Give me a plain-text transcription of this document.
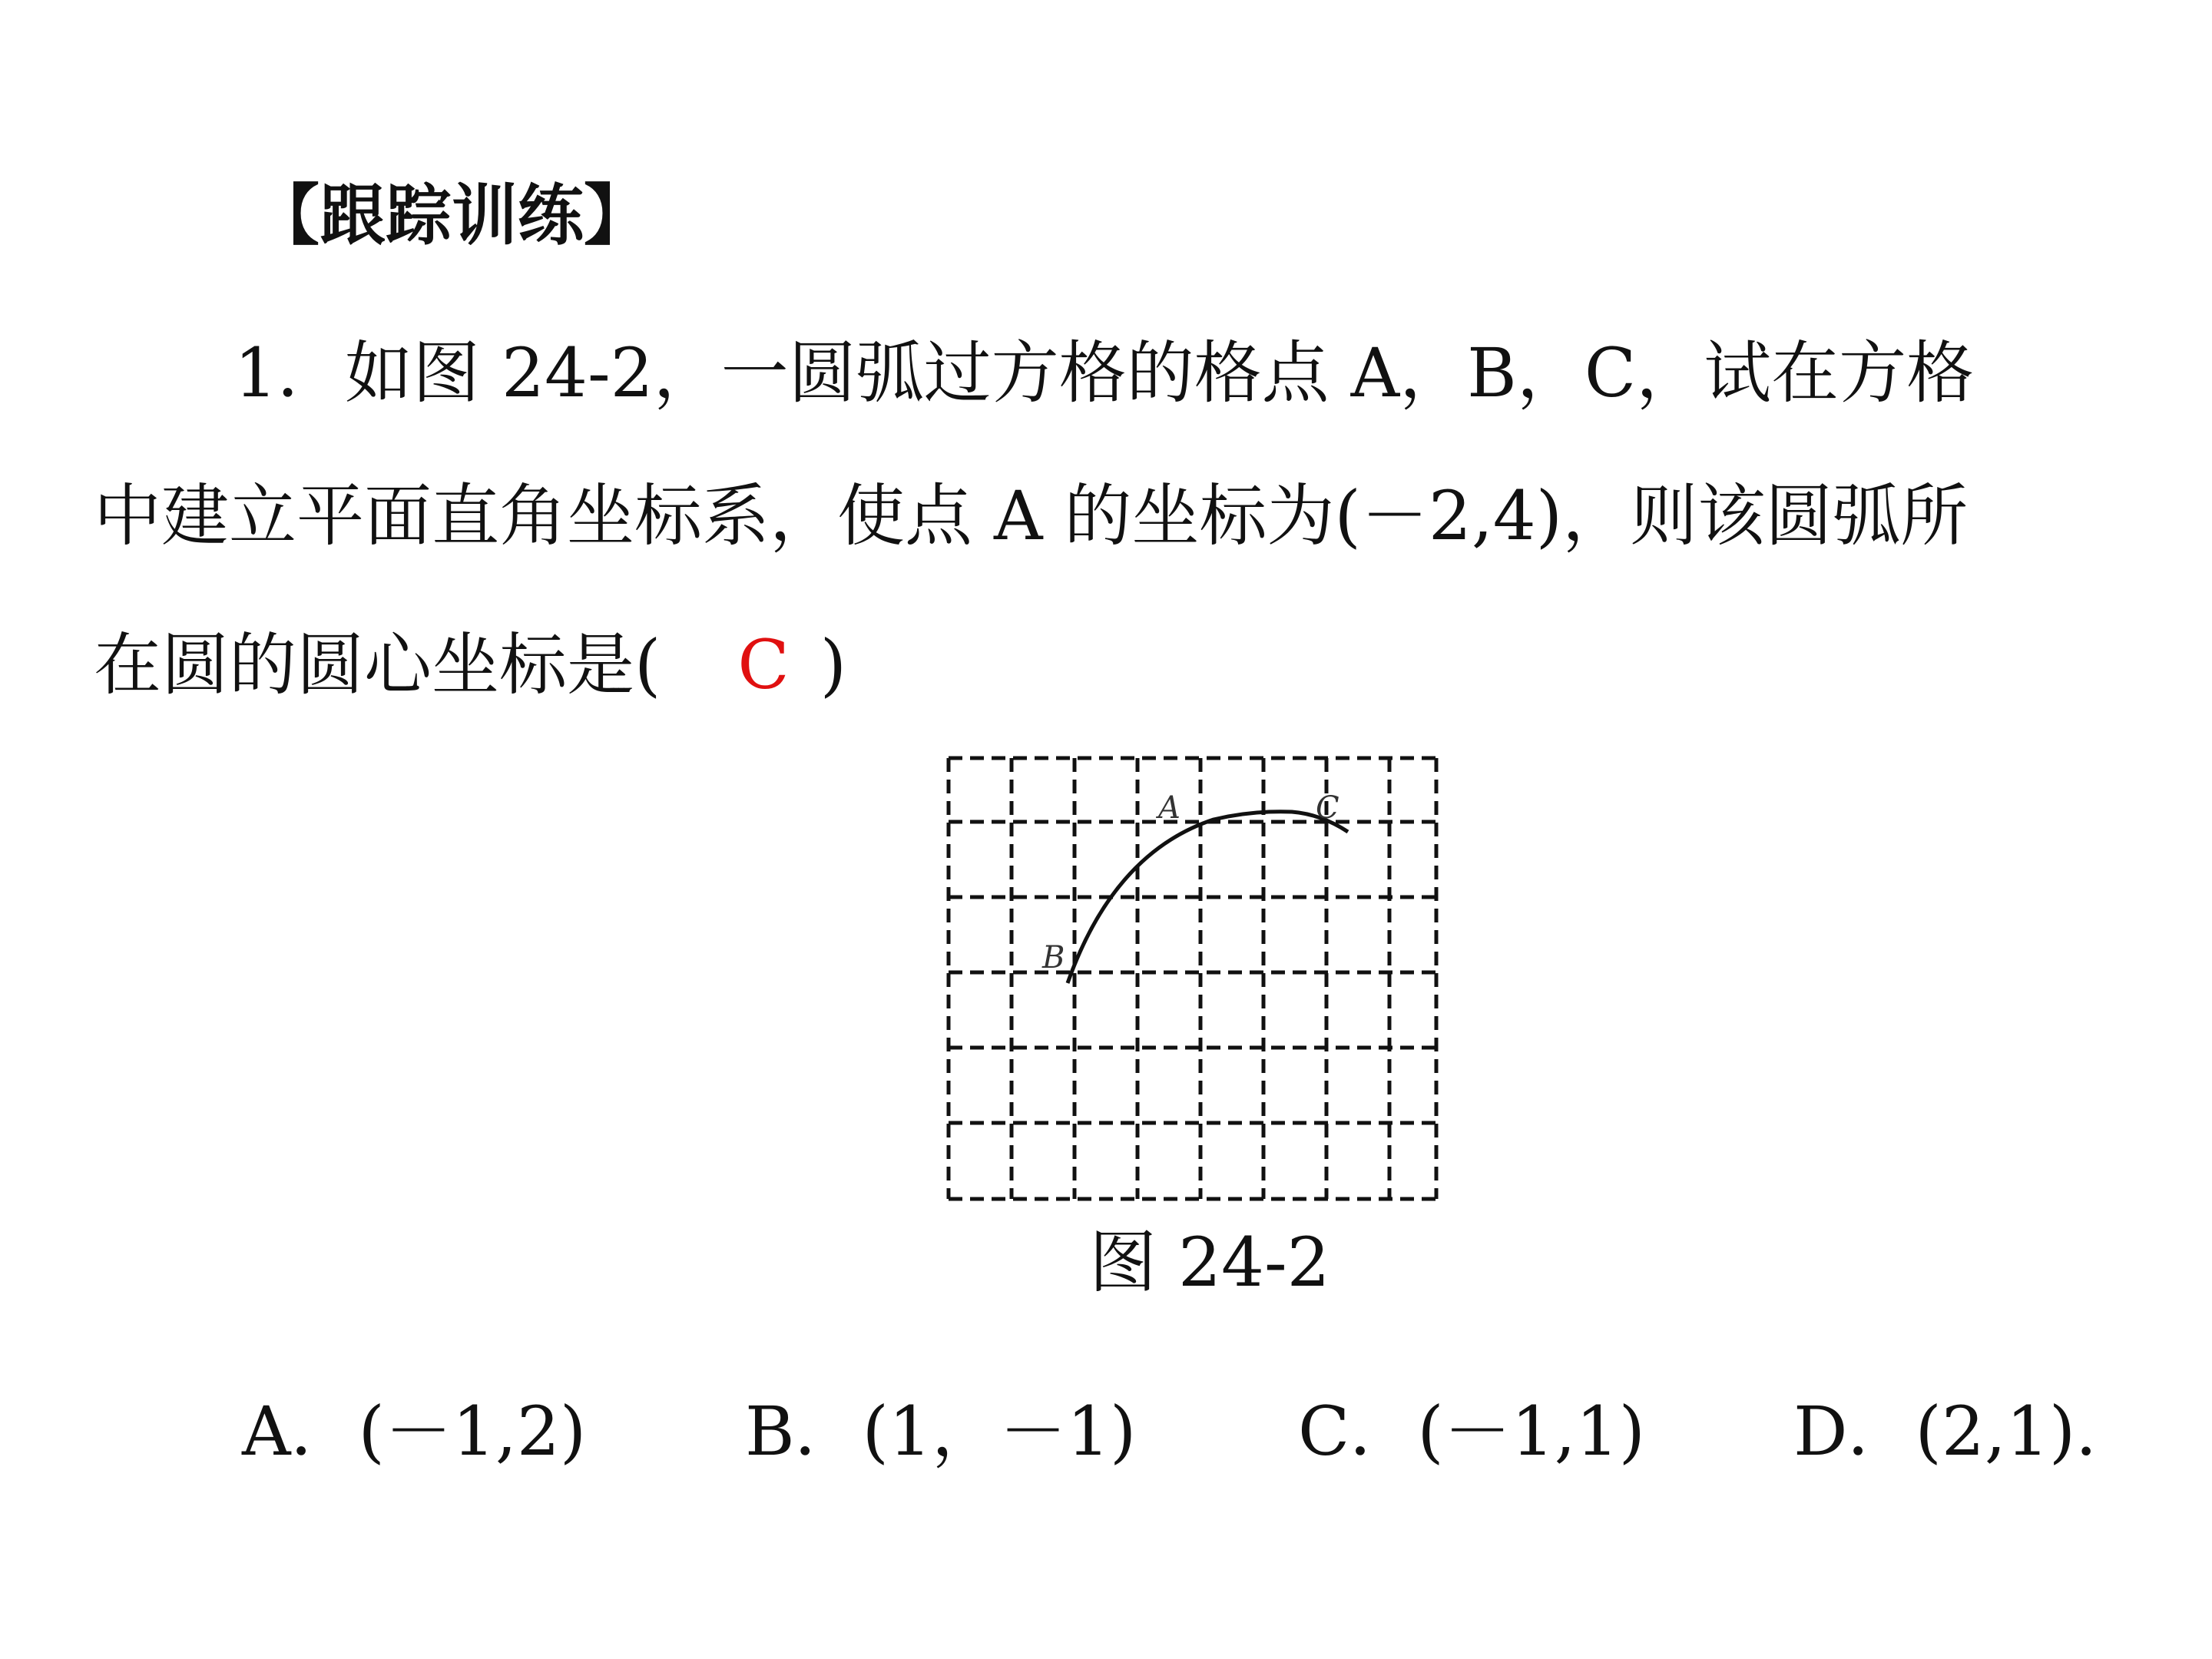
【跟踪训练】
1．如图 24-2，一圆弧过方格的格点 A，B，C，试在方格
中建立平面直角坐标系，使点 A 的坐标为(－2,4)，则该圆弧所
在圆的圆心坐标是( C )
A
B
C
图 24-2
A．(－1,2) B．(1，－1) C．(－1,1) D．(2,1).
